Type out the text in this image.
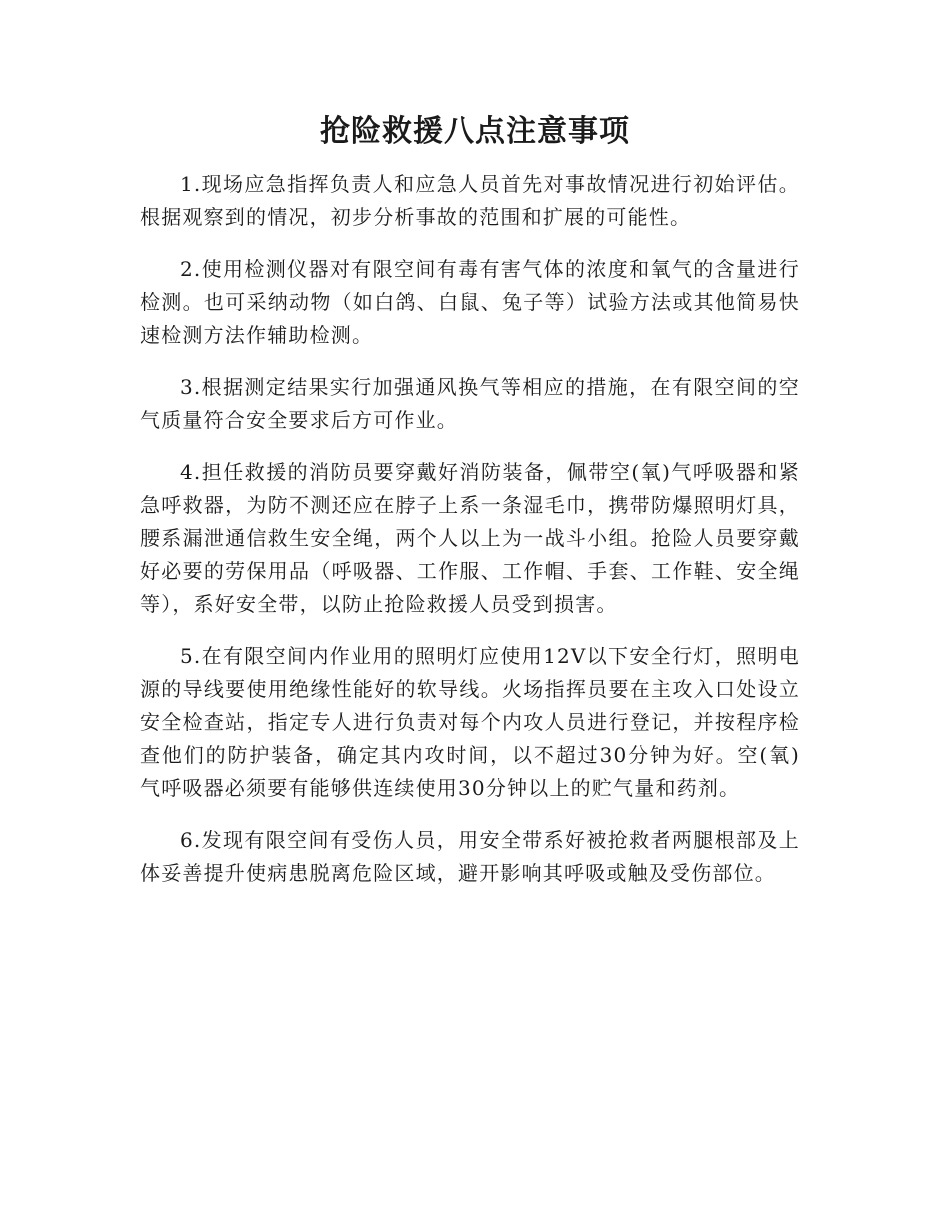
抢险救援八点注意事项

1.现场应急指挥负责人和应急人员首先对事故情况进行初始评估。根据观察到的情况，初步分析事故的范围和扩展的可能性。

2.使用检测仪器对有限空间有毒有害气体的浓度和氧气的含量进行检测。也可采纳动物（如白鸽、白鼠、兔子等）试验方法或其他简易快速检测方法作辅助检测。

3.根据测定结果实行加强通风换气等相应的措施，在有限空间的空气质量符合安全要求后方可作业。

4.担任救援的消防员要穿戴好消防装备，佩带空(氧)气呼吸器和紧急呼救器，为防不测还应在脖子上系一条湿毛巾，携带防爆照明灯具，腰系漏泄通信救生安全绳，两个人以上为一战斗小组。抢险人员要穿戴好必要的劳保用品（呼吸器、工作服、工作帽、手套、工作鞋、安全绳等），系好安全带，以防止抢险救援人员受到损害。

5.在有限空间内作业用的照明灯应使用12V以下安全行灯，照明电源的导线要使用绝缘性能好的软导线。火场指挥员要在主攻入口处设立安全检查站，指定专人进行负责对每个内攻人员进行登记，并按程序检查他们的防护装备，确定其内攻时间，以不超过30分钟为好。空(氧)气呼吸器必须要有能够供连续使用30分钟以上的贮气量和药剂。

6.发现有限空间有受伤人员，用安全带系好被抢救者两腿根部及上体妥善提升使病患脱离危险区域，避开影响其呼吸或触及受伤部位。
